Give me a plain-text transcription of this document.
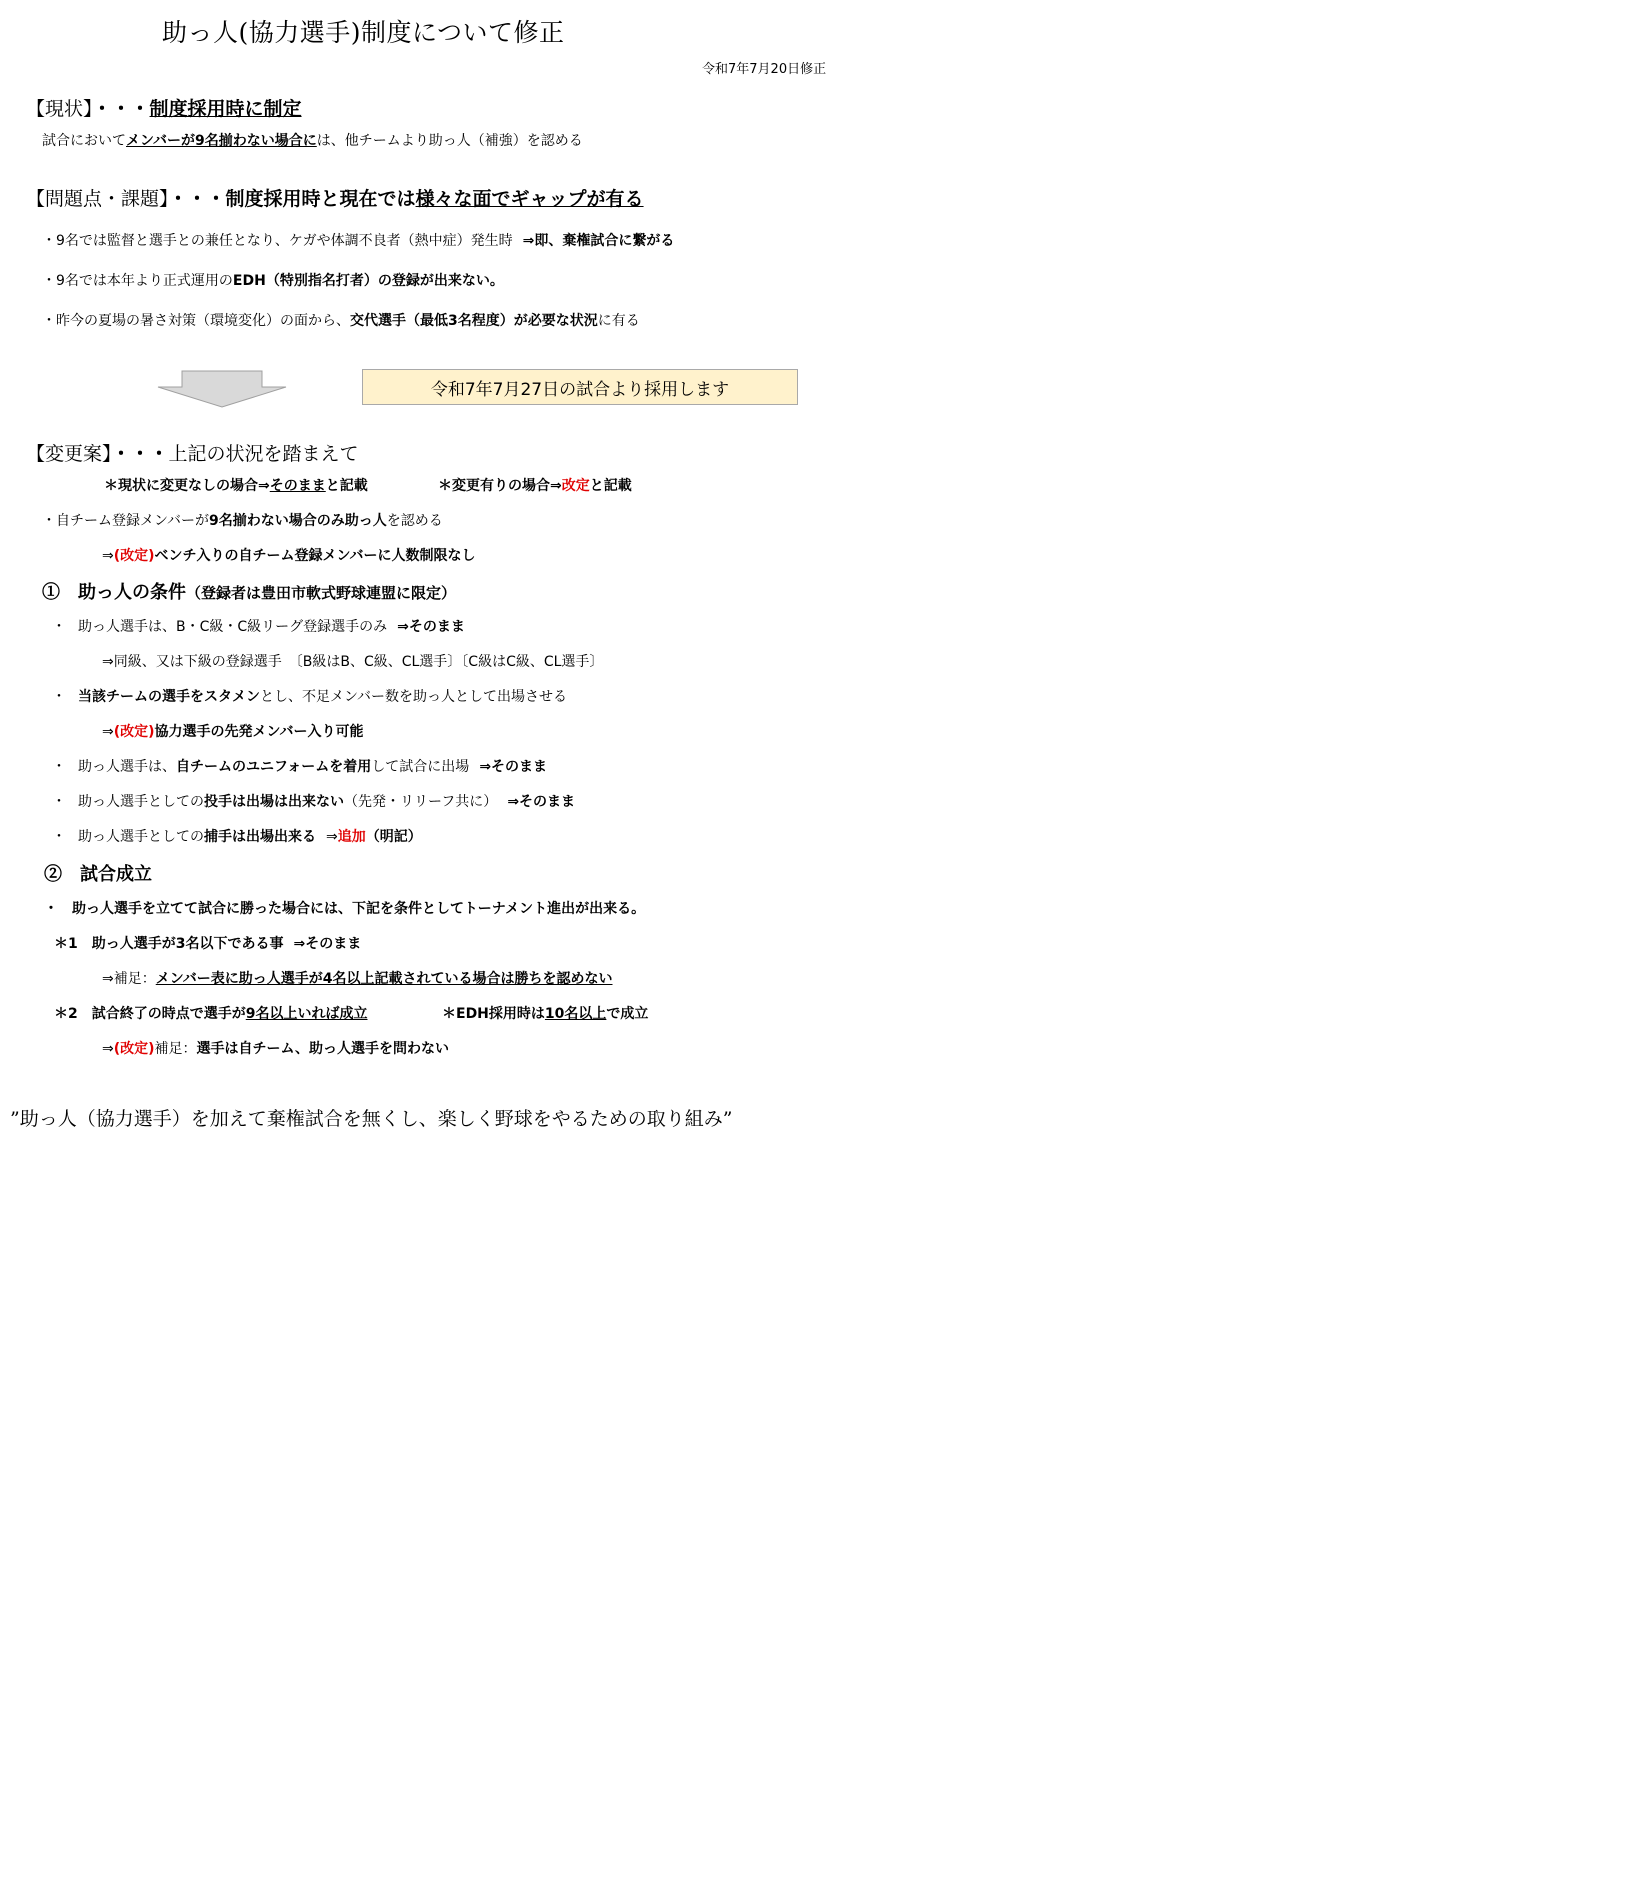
助っ人(協力選手)制度について修正
令和7年7月20日修正
【現状】・・・制度採用時に制定
試合においてメンバーが9名揃わない場合には、他チームより助っ人（補強）を認める
【問題点・課題】・・・制度採用時と現在では様々な面でギャップが有る
・9名では監督と選手との兼任となり、ケガや体調不良者（熱中症）発生時 ⇒即、棄権試合に繋がる
・9名では本年より正式運用のEDH（特別指名打者）の登録が出来ない。
・昨今の夏場の暑さ対策（環境変化）の面から、交代選手（最低3名程度）が必要な状況に有る
令和7年7月27日の試合より採用します
【変更案】・・・上記の状況を踏まえて
＊現状に変更なしの場合⇒そのままと記載	＊変更有りの場合⇒改定と記載
・自チーム登録メンバーが9名揃わない場合のみ助っ人を認める
⇒(改定)ベンチ入りの自チーム登録メンバーに人数制限なし
①　助っ人の条件（登録者は豊田市軟式野球連盟に限定）
・ 助っ人選手は、B・C級・C級リーグ登録選手のみ ⇒そのまま
⇒同級、又は下級の登録選手　〔B級はB、C級、CL選手〕〔C級はC級、CL選手〕
・ 当該チームの選手をスタメンとし、不足メンバー数を助っ人として出場させる
⇒(改定)協力選手の先発メンバー入り可能
・ 助っ人選手は、自チームのユニフォームを着用して試合に出場 ⇒そのまま
・ 助っ人選手としての投手は出場は出来ない（先発・リリーフ共に） ⇒そのまま
・ 助っ人選手としての捕手は出場出来る ⇒追加（明記）
②　試合成立
・　助っ人選手を立てて試合に勝った場合には、下記を条件としてトーナメント進出が出来る。
＊1 助っ人選手が3名以下である事 ⇒そのまま
⇒補足：メンバー表に助っ人選手が4名以上記載されている場合は勝ちを認めない
＊2 試合終了の時点で選手が9名以上いれば成立	＊EDH採用時は10名以上で成立
⇒(改定)補足：選手は自チーム、助っ人選手を問わない
”助っ人（協力選手）を加えて棄権試合を無くし、楽しく野球をやるための取り組み”
